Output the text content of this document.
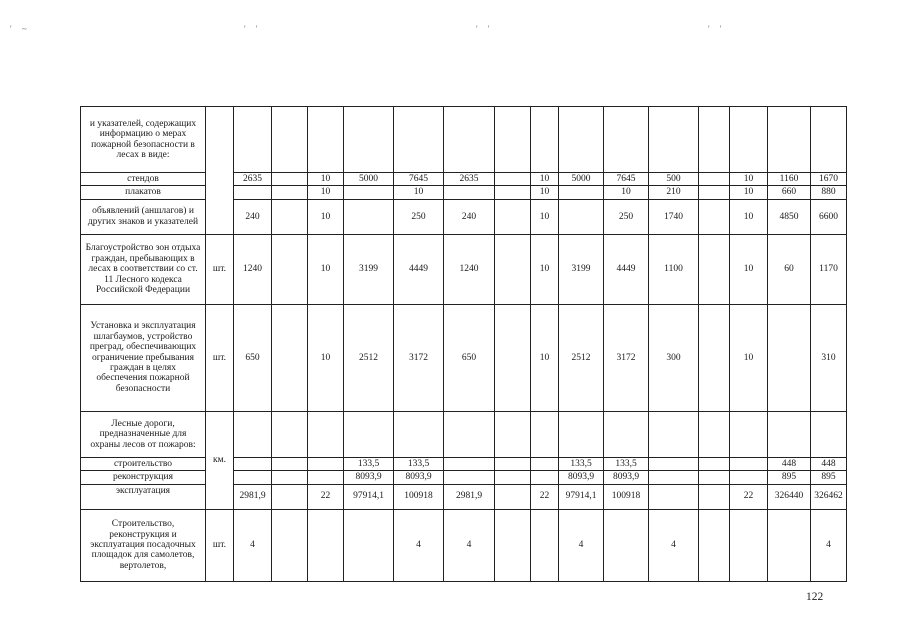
' ~	' '	' '	' '
и указателей, содержащих информацию о мерах пожарной безопасности в лесах в виде:																
стендов		2635		10	5000	7645	2635		10	5000	7645	500		10	1160	1670
плакатов				10		10			10		10	210		10	660	880
объявлений (аншлагов) и других знаков и указателей		240		10		250	240		10		250	1740		10	4850	6600
Благоустройство зон отдыха граждан, пребывающих в лесах в соответствии со ст. 11 Лесного кодекса Российской Федерации	шт.	1240		10	3199	4449	1240		10	3199	4449	1100		10	60	1170
Установка и эксплуатация шлагбаумов, устройство преград, обеспечивающих ограничение пребывания граждан в целях обеспечения пожарной безопасности	шт.	650		10	2512	3172	650		10	2512	3172	300		10		310
Лесные дороги, предназначенные для охраны лесов от пожаров:	км.															
строительство					133,5	133,5				133,5	133,5				448	448
реконструкция					8093,9	8093,9				8093,9	8093,9				895	895
эксплуатация		2981,9		22	97914,1	100918	2981,9		22	97914,1	100918			22	326440	326462
Строительство, реконструкция и эксплуатация посадочных площадок для самолетов, вертолетов,	шт.	4				4	4			4		4				4
122
